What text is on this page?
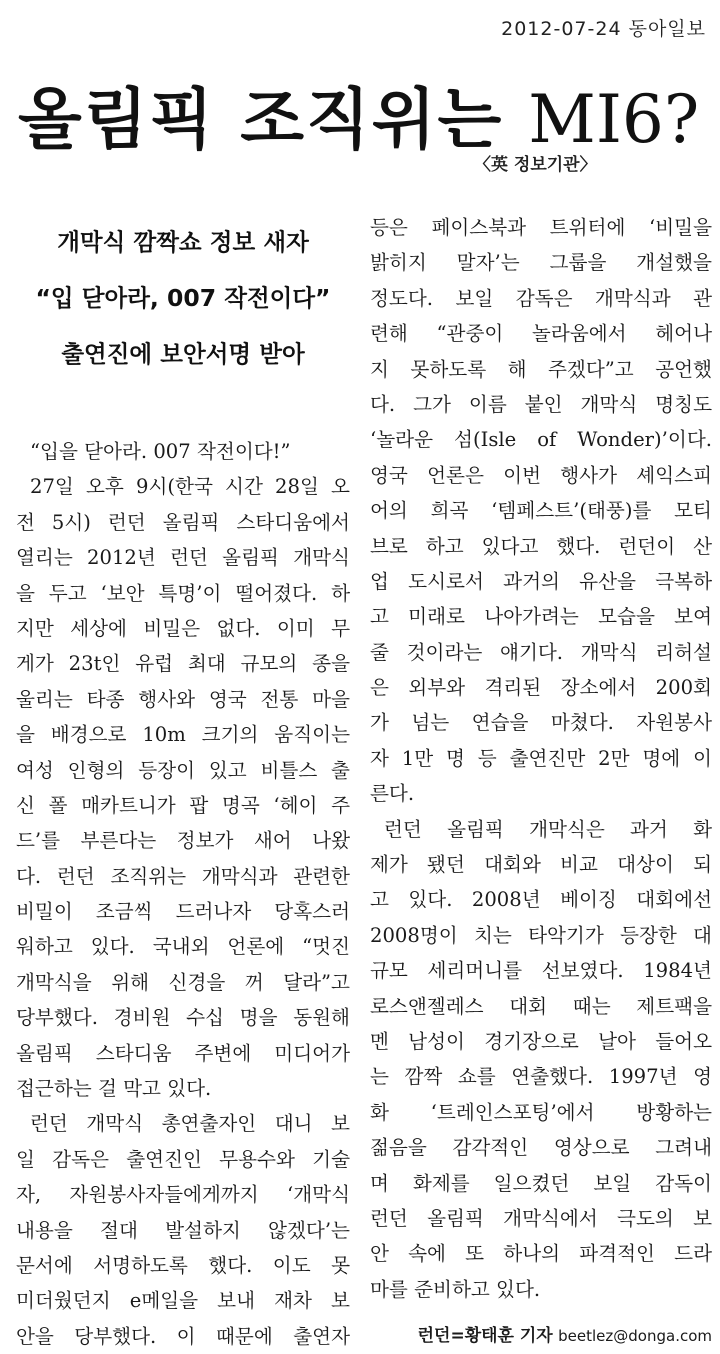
2012-07-24 동아일보
올림픽 조직위는 MI6?
〈英 정보기관〉
개막식 깜짝쇼 정보 새자
“입 닫아라, 007 작전이다”
출연진에 보안서명 받아
“입을 닫아라. 007 작전이다!”
27일 오후 9시(한국 시간 28일 오
전 5시) 런던 올림픽 스타디움에서
열리는 2012년 런던 올림픽 개막식
을 두고 ‘보안 특명’이 떨어졌다. 하
지만 세상에 비밀은 없다. 이미 무
게가 23t인 유럽 최대 규모의 종을
울리는 타종 행사와 영국 전통 마을
을 배경으로 10m 크기의 움직이는
여성 인형의 등장이 있고 비틀스 출
신 폴 매카트니가 팝 명곡 ‘헤이 주
드’를 부른다는 정보가 새어 나왔
다. 런던 조직위는 개막식과 관련한
비밀이 조금씩 드러나자 당혹스러
워하고 있다. 국내외 언론에 “멋진
개막식을 위해 신경을 꺼 달라”고
당부했다. 경비원 수십 명을 동원해
올림픽 스타디움 주변에 미디어가
접근하는 걸 막고 있다.
런던 개막식 총연출자인 대니 보
일 감독은 출연진인 무용수와 기술
자, 자원봉사자들에게까지 ‘개막식
내용을 절대 발설하지 않겠다’는
문서에 서명하도록 했다. 이도 못
미더웠던지 e메일을 보내 재차 보
안을 당부했다. 이 때문에 출연자
등은 페이스북과 트위터에 ‘비밀을
밝히지 말자’는 그룹을 개설했을
정도다. 보일 감독은 개막식과 관
련해 “관중이 놀라움에서 헤어나
지 못하도록 해 주겠다”고 공언했
다. 그가 이름 붙인 개막식 명칭도
‘놀라운 섬(Isle of Wonder)’이다.
영국 언론은 이번 행사가 셰익스피
어의 희곡 ‘템페스트’(태풍)를 모티
브로 하고 있다고 했다. 런던이 산
업 도시로서 과거의 유산을 극복하
고 미래로 나아가려는 모습을 보여
줄 것이라는 얘기다. 개막식 리허설
은 외부와 격리된 장소에서 200회
가 넘는 연습을 마쳤다. 자원봉사
자 1만 명 등 출연진만 2만 명에 이
른다.
런던 올림픽 개막식은 과거 화
제가 됐던 대회와 비교 대상이 되
고 있다. 2008년 베이징 대회에선
2008명이 치는 타악기가 등장한 대
규모 세리머니를 선보였다. 1984년
로스앤젤레스 대회 때는 제트팩을
멘 남성이 경기장으로 날아 들어오
는 깜짝 쇼를 연출했다. 1997년 영
화 ‘트레인스포팅’에서 방황하는
젊음을 감각적인 영상으로 그려내
며 화제를 일으켰던 보일 감독이
런던 올림픽 개막식에서 극도의 보
안 속에 또 하나의 파격적인 드라
마를 준비하고 있다.
런던=황태훈 기자 beetlez@donga.com
